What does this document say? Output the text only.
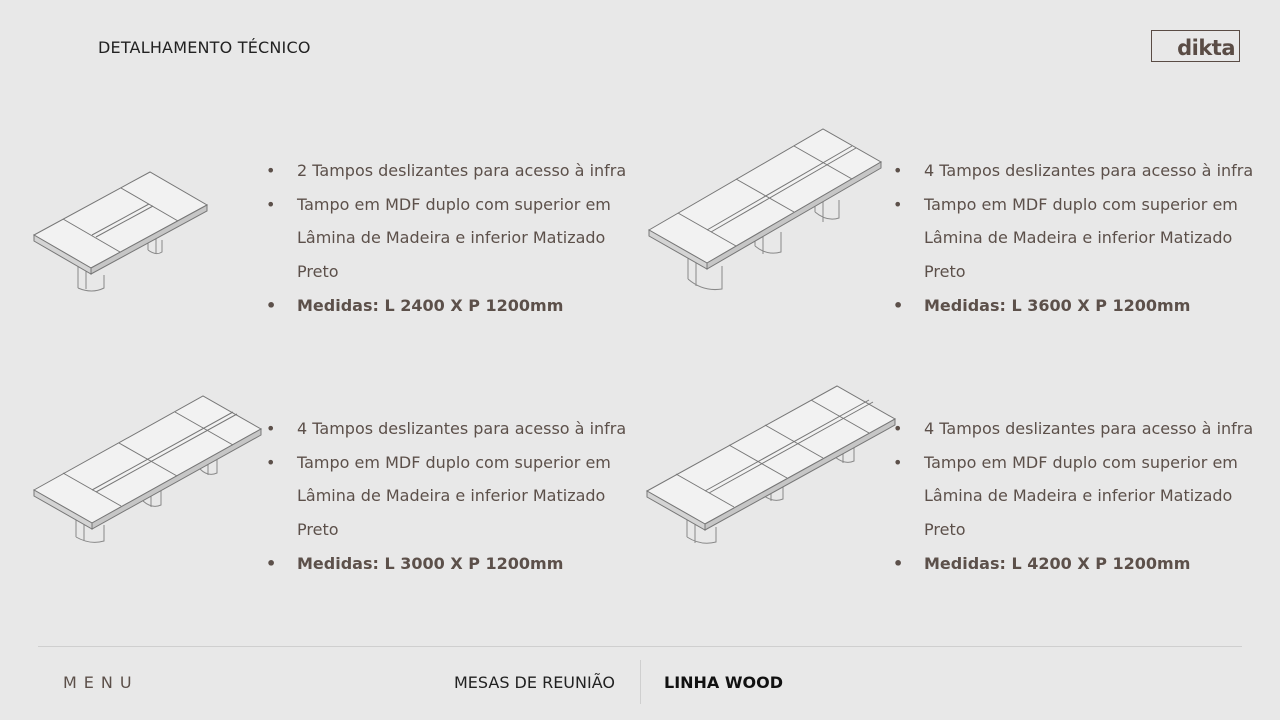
DETALHAMENTO TÉCNICO	dikta
• 2 Tampos deslizantes para acesso à infra
• Tampo em MDF duplo com superior em
Lâmina de Madeira e inferior Matizado
Preto
• Medidas: L 2400 X P 1200mm
• 4 Tampos deslizantes para acesso à infra
• Tampo em MDF duplo com superior em
Lâmina de Madeira e inferior Matizado
Preto
• Medidas: L 3600 X P 1200mm
• 4 Tampos deslizantes para acesso à infra
• Tampo em MDF duplo com superior em
Lâmina de Madeira e inferior Matizado
Preto
• Medidas: L 3000 X P 1200mm
• 4 Tampos deslizantes para acesso à infra
• Tampo em MDF duplo com superior em
Lâmina de Madeira e inferior Matizado
Preto
• Medidas: L 4200 X P 1200mm
MENU	MESAS DE REUNIÃO	LINHA WOOD
